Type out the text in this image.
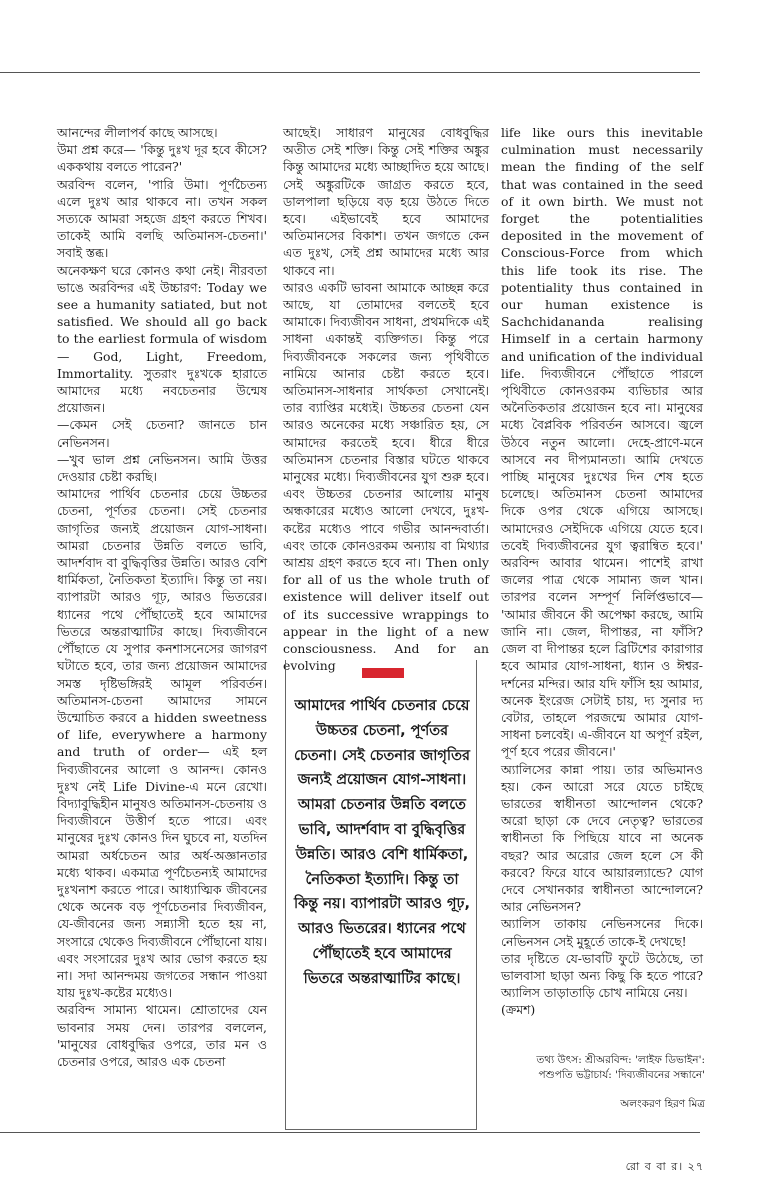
আনন্দের লীলাপর্ব কাছে আসছে।
উমা প্রশ্ন করে— 'কিন্তু দুঃখ দূর হবে কীসে? এককথায় বলতে পারেন?'
অরবিন্দ বলেন, 'পারি উমা। পূর্ণচৈতন্য এলে দুঃখ আর থাকবে না। তখন সকল সত্যকে আমরা সহজে গ্রহণ করতে শিখব। তাকেই আমি বলছি অতিমানস-চেতনা।' সবাই স্তব্ধ।
অনেকক্ষণ ঘরে কোনও কথা নেই। নীরবতা ভাঙে অরবিন্দর এই উচ্চারণ: Today we see a humanity satiated, but not satisfied. We should all go back to the earliest formula of wisdom— God, Light, Freedom, Immortality. সুতরাং দুঃখকে হারাতে আমাদের মধ্যে নবচেতনার উন্মেষ প্রয়োজন।
—কেমন সেই চেতনা? জানতে চান নেভিনসন।
—খুব ভাল প্রশ্ন নেভিনসন। আমি উত্তর দেওয়ার চেষ্টা করছি।
আমাদের পার্থিব চেতনার চেয়ে উচ্চতর চেতনা, পূর্ণতর চেতনা। সেই চেতনার জাগৃতির জন্যই প্রয়োজন যোগ-সাধনা। আমরা চেতনার উন্নতি বলতে ভাবি, আদর্শবাদ বা বুদ্ধিবৃত্তির উন্নতি। আরও বেশি ধার্মিকতা, নৈতিকতা ইত্যাদি। কিন্তু তা নয়। ব্যাপারটা আরও গূঢ়, আরও ভিতরের। ধ্যানের পথে পৌঁছাতেই হবে আমাদের ভিতরে অন্তরাত্মাটির কাছে। দিব্যজীবনে পৌঁছাতে যে সুপার কনশাসনেসের জাগরণ ঘটাতে হবে, তার জন্য প্রয়োজন আমাদের সমস্ত দৃষ্টিভঙ্গিরই আমূল পরিবর্তন। অতিমানস-চেতনা আমাদের সামনে উন্মোচিত করবে a hidden sweetness of life, everywhere a harmony and truth of order— এই হল দিব্যজীবনের আলো ও আনন্দ। কোনও দুঃখ নেই Life Divine-এ মনে রেখো। বিদ্যাবুদ্ধিহীন মানুষও অতিমানস-চেতনায় ও দিব্যজীবনে উত্তীর্ণ হতে পারে। এবং মানুষের দুঃখ কোনও দিন ঘুচবে না, যতদিন আমরা অর্ধচেতন আর অর্ধ-অজ্ঞানতার মধ্যে থাকব। একমাত্র পূর্ণচৈতন্যই আমাদের দুঃখনাশ করতে পারে। আধ্যাত্মিক জীবনের থেকে অনেক বড় পূর্ণচেতনার দিব্যজীবন, যে-জীবনের জন্য সন্ন্যাসী হতে হয় না, সংসারে থেকেও দিব্যজীবনে পৌঁছানো যায়। এবং সংসারের দুঃখ আর ভোগ করতে হয় না। সদা আনন্দময় জগতের সন্ধান পাওয়া যায় দুঃখ-কষ্টের মধ্যেও।
অরবিন্দ সামান্য থামেন। শ্রোতাদের যেন ভাবনার সময় দেন। তারপর বললেন, 'মানুষের বোধবুদ্ধির ওপরে, তার মন ও চেতনার ওপরে, আরও এক চেতনা
আছেই। সাধারণ মানুষের বোধবুদ্ধির অতীত সেই শক্তি। কিন্তু সেই শক্তির অঙ্কুর কিন্তু আমাদের মধ্যে আচ্ছাদিত হয়ে আছে। সেই অঙ্কুরটিকে জাগ্রত করতে হবে, ডালপালা ছড়িয়ে বড় হয়ে উঠতে দিতে হবে। এইভাবেই হবে আমাদের অতিমানসের বিকাশ। তখন জগতে কেন এত দুঃখ, সেই প্রশ্ন আমাদের মধ্যে আর থাকবে না।
আরও একটি ভাবনা আমাকে আচ্ছন্ন করে আছে, যা তোমাদের বলতেই হবে আমাকে। দিব্যজীবন সাধনা, প্রথমদিকে এই সাধনা একান্তই ব্যক্তিগত। কিন্তু পরে দিব্যজীবনকে সকলের জন্য পৃথিবীতে নামিয়ে আনার চেষ্টা করতে হবে। অতিমানস-সাধনার সার্থকতা সেখানেই। তার ব্যাপ্তির মধ্যেই। উচ্চতর চেতনা যেন আরও অনেকের মধ্যে সঞ্চারিত হয়, সে আমাদের করতেই হবে। ধীরে ধীরে অতিমানস চেতনার বিস্তার ঘটতে থাকবে মানুষের মধ্যে। দিব্যজীবনের যুগ শুরু হবে। এবং উচ্চতর চেতনার আলোয় মানুষ অন্ধকারের মধ্যেও আলো দেখবে, দুঃখ-কষ্টের মধ্যেও পাবে গভীর আনন্দবার্তা। এবং তাকে কোনওরকম অন্যায় বা মিথ্যার আশ্রয় গ্রহণ করতে হবে না। Then only for all of us the whole truth of existence will deliver itself out of its successive wrappings to appear in the light of a new consciousness. And for an evolving
life like ours this inevitable culmination must necessarily mean the finding of the self that was contained in the seed of it own birth. We must not forget the potentialities deposited in the movement of Conscious-Force from which this life took its rise. The potentiality thus contained in our human existence is Sachchidananda realising Himself in a certain harmony and unification of the individual life. দিব্যজীবনে পৌঁছাতে পারলে পৃথিবীতে কোনওরকম ব্যভিচার আর অনৈতিকতার প্রয়োজন হবে না। মানুষের মধ্যে বৈপ্লবিক পরিবর্তন আসবে। জ্বলে উঠবে নতুন আলো। দেহে-প্রাণে-মনে আসবে নব দীপ্যমানতা। আমি দেখতে পাচ্ছি মানুষের দুঃখের দিন শেষ হতে চলেছে। অতিমানস চেতনা আমাদের দিকে ওপর থেকে এগিয়ে আসছে। আমাদেরও সেইদিকে এগিয়ে যেতে হবে। তবেই দিব্যজীবনের যুগ ত্বরান্বিত হবে।' অরবিন্দ আবার থামেন। পাশেই রাখা জলের পাত্র থেকে সামান্য জল খান। তারপর বলেন সম্পূর্ণ নির্লিপ্তভাবে— 'আমার জীবনে কী অপেক্ষা করছে, আমি জানি না। জেল, দীপান্তর, না ফাঁসি? জেল বা দীপান্তর হলে ব্রিটিশের কারাগার হবে আমার যোগ-সাধনা, ধ্যান ও ঈশ্বর-দর্শনের মন্দির। আর যদি ফাঁসি হয় আমার, অনেক ইংরেজ সেটাই চায়, দ্য সুনার দ্য বেটার, তাহলে পরজন্মে আমার যোগ-সাধনা চলবেই। এ-জীবনে যা অপূর্ণ রইল, পূর্ণ হবে পরের জীবনে।'
অ্যালিসের কান্না পায়। তার অভিমানও হয়। কেন আরো সরে যেতে চাইছে ভারতের স্বাধীনতা আন্দোলন থেকে? অরো ছাড়া কে দেবে নেতৃত্ব? ভারতের স্বাধীনতা কি পিছিয়ে যাবে না অনেক বছর? আর অরোর জেল হলে সে কী করবে? ফিরে যাবে আয়ারল্যান্ডে? যোগ দেবে সেখানকার স্বাধীনতা আন্দোলনে? আর নেভিনসন?
অ্যালিস তাকায় নেভিনসনের দিকে। নেভিনসন সেই মুহূর্তে তাকে-ই দেখছে!
তার দৃষ্টিতে যে-ভাবটি ফুটে উঠেছে, তা ভালবাসা ছাড়া অন্য কিছু কি হতে পারে? অ্যালিস তাড়াতাড়ি চোখ নামিয়ে নেয়।
(ক্রমশ)
আমাদের পার্থিব চেতনার চেয়ে উচ্চতর চেতনা, পূর্ণতর চেতনা। সেই চেতনার জাগৃতির জন্যই প্রয়োজন যোগ-সাধনা। আমরা চেতনার উন্নতি বলতে ভাবি, আদর্শবাদ বা বুদ্ধিবৃত্তির উন্নতি। আরও বেশি ধার্মিকতা, নৈতিকতা ইত্যাদি। কিন্তু তা কিন্তু নয়। ব্যাপারটা আরও গূঢ়, আরও ভিতরের। ধ্যানের পথে পৌঁছাতেই হবে আমাদের ভিতরে অন্তরাত্মাটির কাছে।
তথ্য উৎস: শ্রীঅরবিন্দ: 'লাইফ ডিভাইন':
পশুপতি ভট্টাচার্য: 'দিব্যজীবনের সন্ধানে'
অলংকরণ হিরণ মিত্র
রো ব বা র। ২৭
